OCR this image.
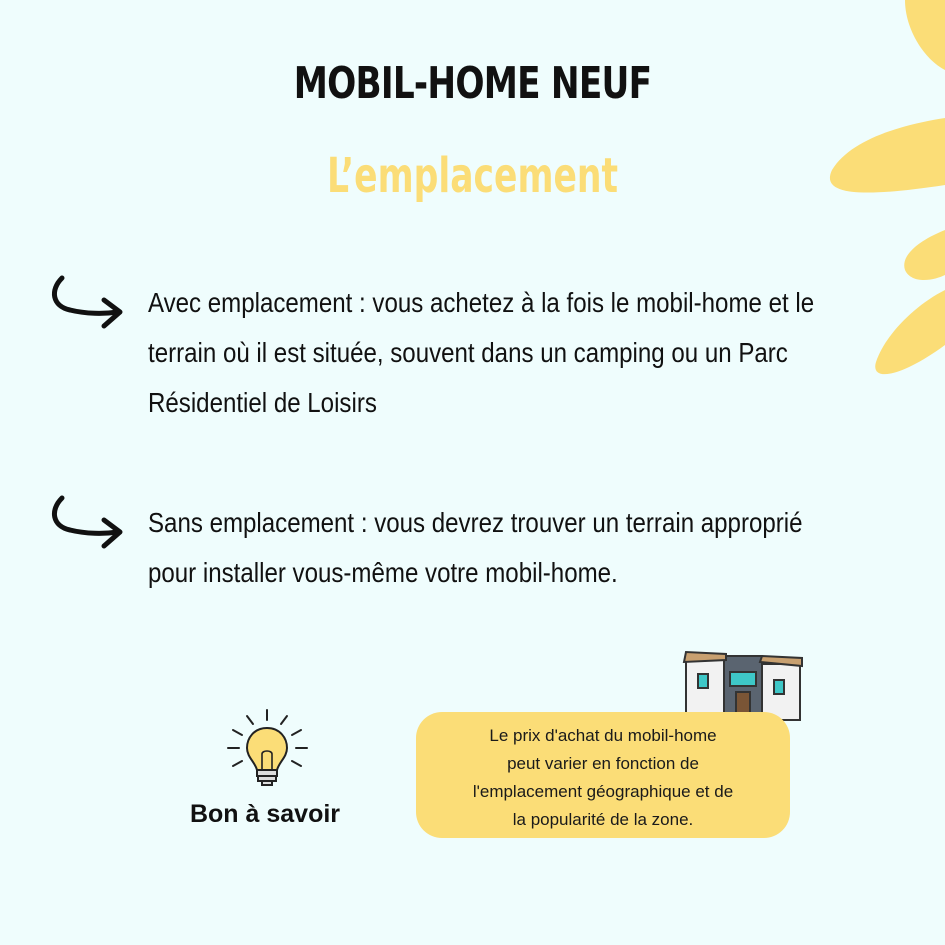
MOBIL-HOME NEUF
L’emplacement
Avec emplacement : vous achetez à la fois le mobil-home et le
terrain où il est située, souvent dans un camping ou un Parc
Résidentiel de Loisirs
Sans emplacement : vous devrez trouver un terrain approprié
pour installer vous-même votre mobil-home.
Bon à savoir
Le prix d'achat du mobil-home
peut varier en fonction de
l'emplacement géographique et de
la popularité de la zone.
